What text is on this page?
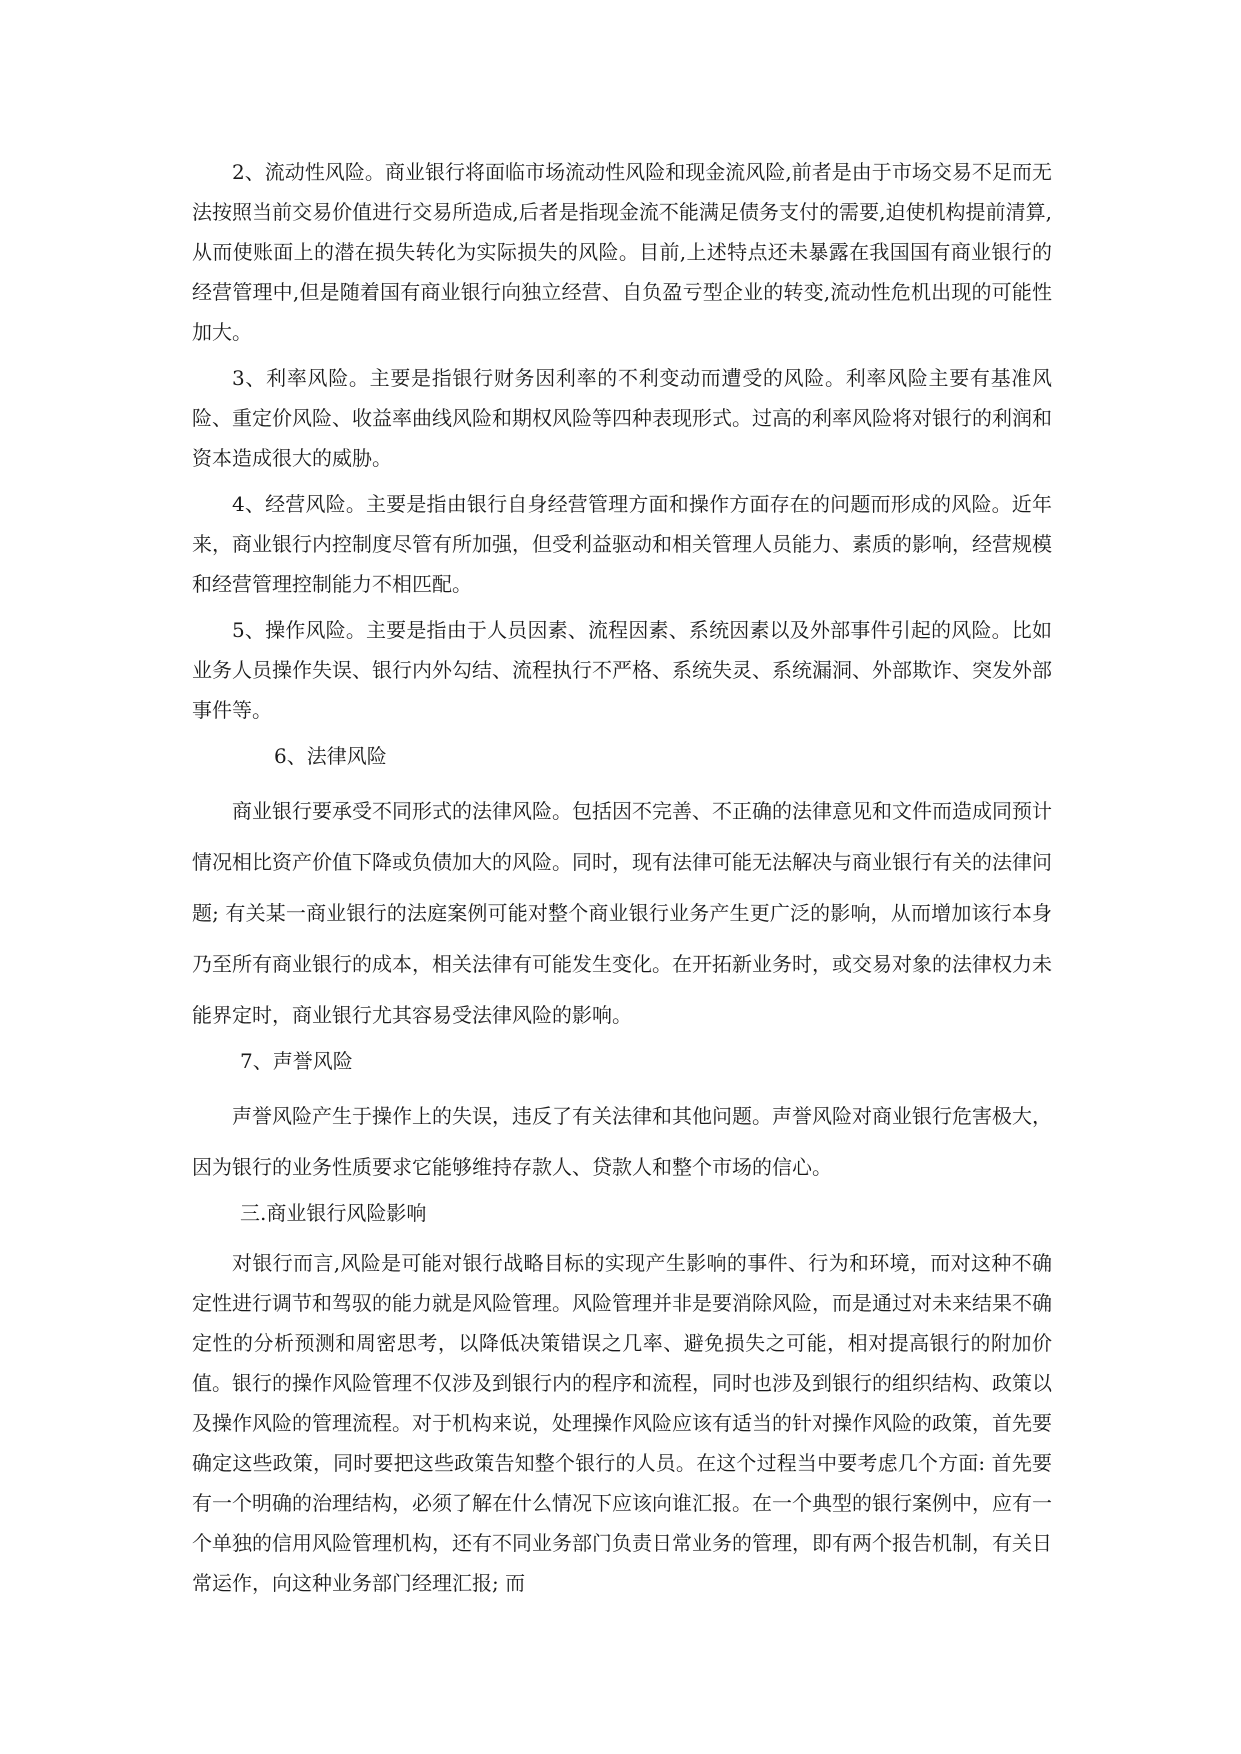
2、流动性风险。商业银行将面临市场流动性风险和现金流风险,前者是由于市场交易不足而无法按照当前交易价值进行交易所造成,后者是指现金流不能满足债务支付的需要,迫使机构提前清算,从而使账面上的潜在损失转化为实际损失的风险。目前,上述特点还未暴露在我国国有商业银行的经营管理中,但是随着国有商业银行向独立经营、自负盈亏型企业的转变,流动性危机出现的可能性加大。

3、利率风险。主要是指银行财务因利率的不利变动而遭受的风险。利率风险主要有基准风险、重定价风险、收益率曲线风险和期权风险等四种表现形式。过高的利率风险将对银行的利润和资本造成很大的威胁。

4、经营风险。主要是指由银行自身经营管理方面和操作方面存在的问题而形成的风险。近年来，商业银行内控制度尽管有所加强，但受利益驱动和相关管理人员能力、素质的影响，经营规模和经营管理控制能力不相匹配。

5、操作风险。主要是指由于人员因素、流程因素、系统因素以及外部事件引起的风险。比如业务人员操作失误、银行内外勾结、流程执行不严格、系统失灵、系统漏洞、外部欺诈、突发外部事件等。

6、法律风险

商业银行要承受不同形式的法律风险。包括因不完善、不正确的法律意见和文件而造成同预计情况相比资产价值下降或负债加大的风险。同时，现有法律可能无法解决与商业银行有关的法律问题; 有关某一商业银行的法庭案例可能对整个商业银行业务产生更广泛的影响，从而增加该行本身乃至所有商业银行的成本，相关法律有可能发生变化。在开拓新业务时，或交易对象的法律权力未能界定时，商业银行尤其容易受法律风险的影响。

7、声誉风险

声誉风险产生于操作上的失误，违反了有关法律和其他问题。声誉风险对商业银行危害极大，因为银行的业务性质要求它能够维持存款人、贷款人和整个市场的信心。

三.商业银行风险影响

对银行而言,风险是可能对银行战略目标的实现产生影响的事件、行为和环境，而对这种不确定性进行调节和驾驭的能力就是风险管理。风险管理并非是要消除风险，而是通过对未来结果不确定性的分析预测和周密思考，以降低决策错误之几率、避免损失之可能，相对提高银行的附加价值。银行的操作风险管理不仅涉及到银行内的程序和流程，同时也涉及到银行的组织结构、政策以及操作风险的管理流程。对于机构来说，处理操作风险应该有适当的针对操作风险的政策，首先要确定这些政策，同时要把这些政策告知整个银行的人员。在这个过程当中要考虑几个方面: 首先要有一个明确的治理结构，必须了解在什么情况下应该向谁汇报。在一个典型的银行案例中，应有一个单独的信用风险管理机构，还有不同业务部门负责日常业务的管理，即有两个报告机制，有关日常运作，向这种业务部门经理汇报; 而
